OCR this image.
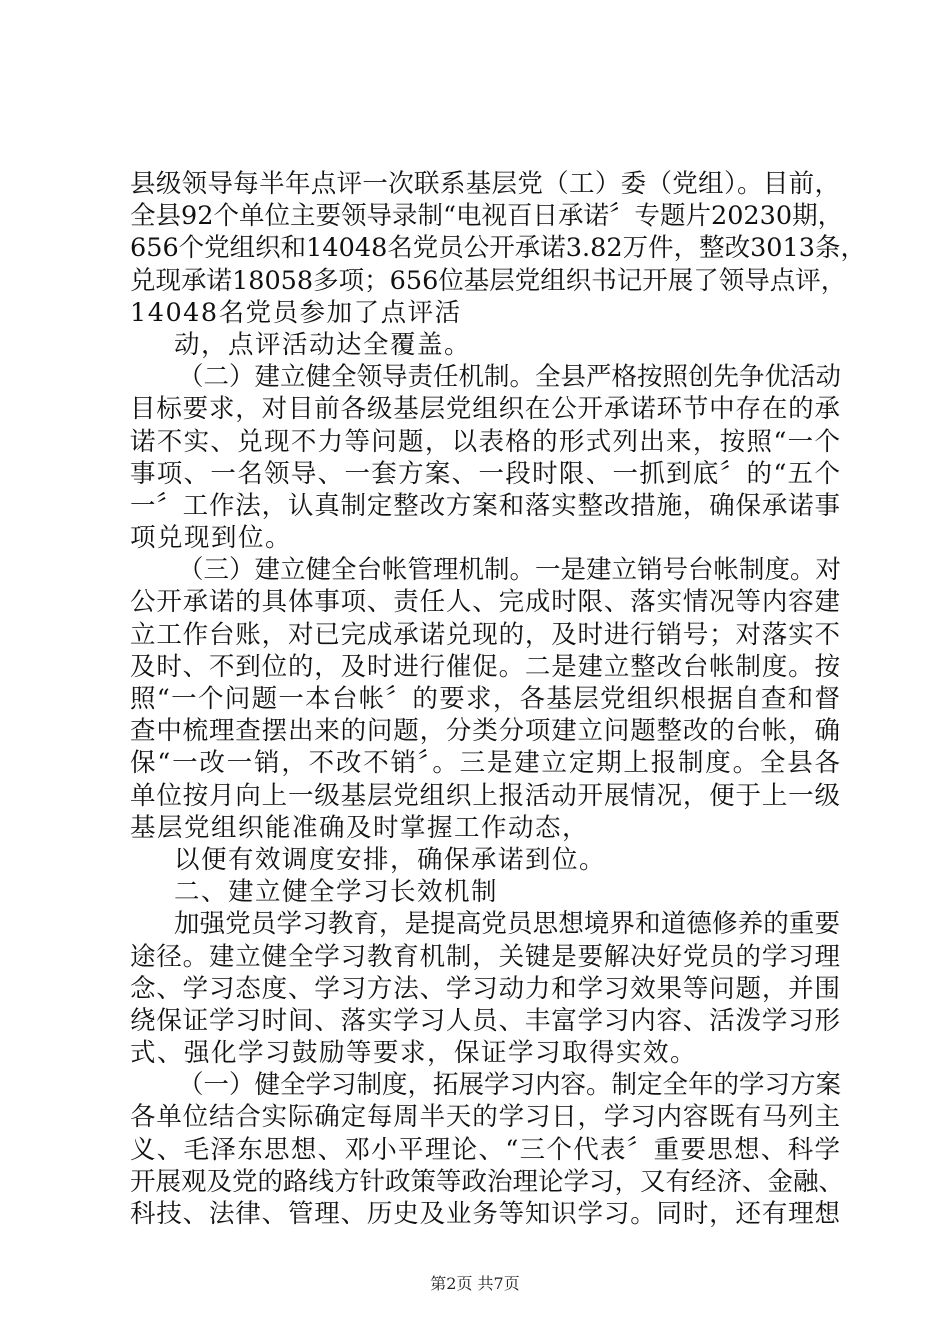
县级领导每半年点评一次联系基层党（工）委（党组）。目前，
全县92个单位主要领导录制“电视百日承诺〞专题片20230期，
656个党组织和14048名党员公开承诺3.82万件，整改3013条，
兑现承诺18058多项；656位基层党组织书记开展了领导点评，
14048名党员参加了点评活
动，点评活动达全覆盖。
（二）建立健全领导责任机制。全县严格按照创先争优活动
目标要求，对目前各级基层党组织在公开承诺环节中存在的承
诺不实、兑现不力等问题，以表格的形式列出来，按照“一个
事项、一名领导、一套方案、一段时限、一抓到底〞的“五个
一〞工作法，认真制定整改方案和落实整改措施，确保承诺事
项兑现到位。
（三）建立健全台帐管理机制。一是建立销号台帐制度。对
公开承诺的具体事项、责任人、完成时限、落实情况等内容建
立工作台账，对已完成承诺兑现的，及时进行销号；对落实不
及时、不到位的，及时进行催促。二是建立整改台帐制度。按
照“一个问题一本台帐〞的要求，各基层党组织根据自查和督
查中梳理查摆出来的问题，分类分项建立问题整改的台帐，确
保“一改一销，不改不销〞。三是建立定期上报制度。全县各
单位按月向上一级基层党组织上报活动开展情况，便于上一级
基层党组织能准确及时掌握工作动态，
以便有效调度安排，确保承诺到位。
二、建立健全学习长效机制
加强党员学习教育，是提高党员思想境界和道德修养的重要
途径。建立健全学习教育机制，关键是要解决好党员的学习理
念、学习态度、学习方法、学习动力和学习效果等问题，并围
绕保证学习时间、落实学习人员、丰富学习内容、活泼学习形
式、强化学习鼓励等要求，保证学习取得实效。
（一）健全学习制度，拓展学习内容。制定全年的学习方案
各单位结合实际确定每周半天的学习日，学习内容既有马列主
义、毛泽东思想、邓小平理论、“三个代表〞重要思想、科学
开展观及党的路线方针政策等政治理论学习，又有经济、金融、
科技、法律、管理、历史及业务等知识学习。同时，还有理想
第2页 共7页
